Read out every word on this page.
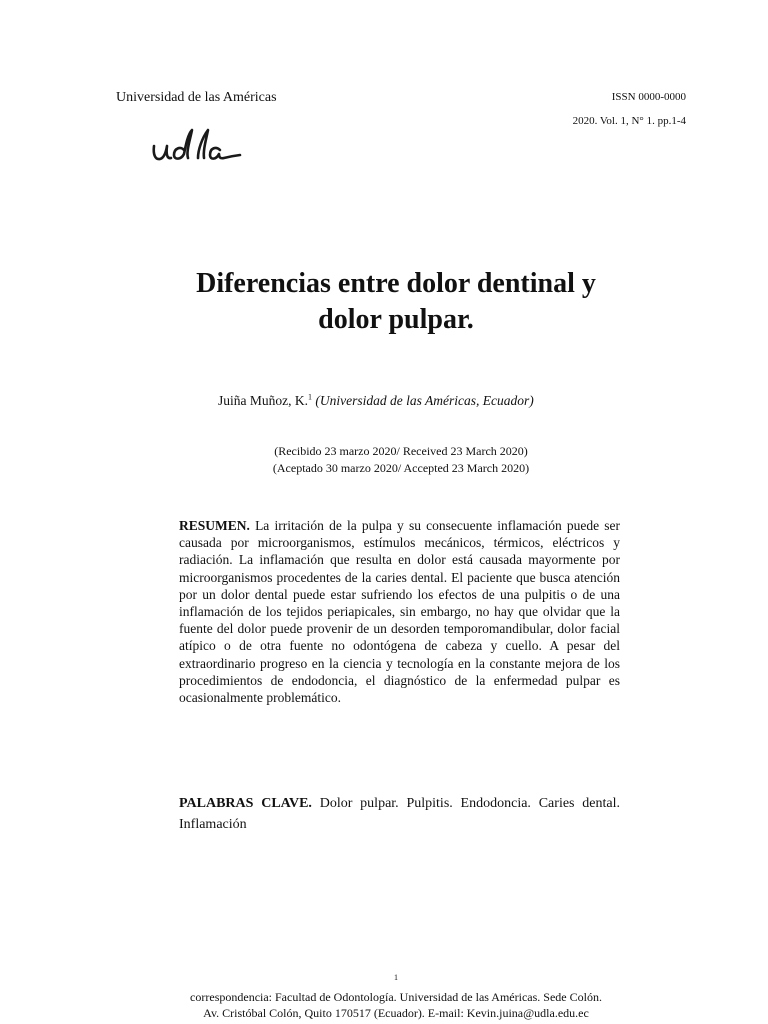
Universidad de las Américas	ISSN 0000-0000
2020. Vol. 1, N° 1. pp.1-4
udla
Diferencias entre dolor dentinal y
dolor pulpar.
Juiña Muñoz, K.$^1$ (Universidad de las Américas, Ecuador)
(Recibido 23 marzo 2020/ Received 23 March 2020)
(Aceptado 30 marzo 2020/ Accepted 23 March 2020)

RESUMEN. La irritación de la pulpa y su consecuente inflamación puede ser causada por microorganismos, estímulos mecánicos, térmicos, eléctricos y radiación. La inflamación que resulta en dolor está causada mayormente por microorganismos procedentes de la caries dental. El paciente que busca atención por un dolor dental puede estar sufriendo los efectos de una pulpitis o de una inflamación de los tejidos periapicales, sin embargo, no hay que olvidar que la fuente del dolor puede provenir de un desorden temporomandibular, dolor facial atípico o de otra fuente no odontógena de cabeza y cuello. A pesar del extraordinario progreso en la ciencia y tecnología en la constante mejora de los procedimientos de endodoncia, el diagnóstico de la enfermedad pulpar es ocasionalmente problemático.

PALABRAS CLAVE. Dolor pulpar. Pulpitis. Endodoncia. Caries dental. Inflamación

$^1$
correspondencia: Facultad de Odontología. Universidad de las Américas. Sede Colón.
Av. Cristóbal Colón, Quito 170517 (Ecuador). E-mail: Kevin.juina@udla.edu.ec
